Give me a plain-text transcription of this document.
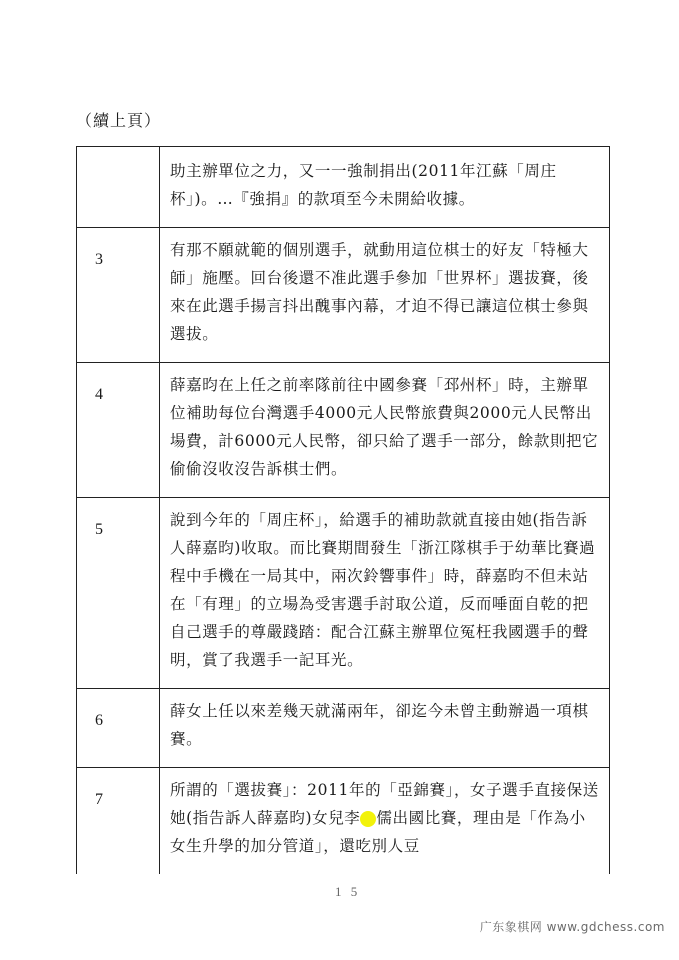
（續上頁）
	助主辦單位之力，又一一強制捐出(2011年江蘇「周庄杯」)。…『強捐』的款項至今未開給收據。
3	有那不願就範的個別選手，就動用這位棋士的好友「特極大師」施壓。回台後還不准此選手參加「世界杯」選拔賽，後來在此選手揚言抖出醜事內幕，才迫不得已讓這位棋士參與選拔。
4	薛嘉昀在上任之前率隊前往中國參賽「邳州杯」時，主辦單位補助每位台灣選手4000元人民幣旅費與2000元人民幣出場費，計6000元人民幣，卻只給了選手一部分，餘款則把它偷偷沒收沒告訴棋士們。
5	說到今年的「周庄杯」，給選手的補助款就直接由她(指告訴人薛嘉昀)收取。而比賽期間發生「浙江隊棋手于幼華比賽過程中手機在一局其中，兩次鈴響事件」時，薛嘉昀不但未站在「有理」的立場為受害選手討取公道，反而唾面自乾的把自己選手的尊嚴踐踏：配合江蘇主辦單位冤枉我國選手的聲明，賞了我選手一記耳光。
6	薛女上任以來差幾天就滿兩年，卻迄今未曾主動辦過一項棋賽。
7	所謂的「選拔賽」：2011年的「亞錦賽」，女子選手直接保送她(指告訴人薛嘉昀)女兒李 儒出國比賽，理由是「作為小女生升學的加分管道」，還吃別人豆
1 5
广东象棋网 www.gdchess.com
